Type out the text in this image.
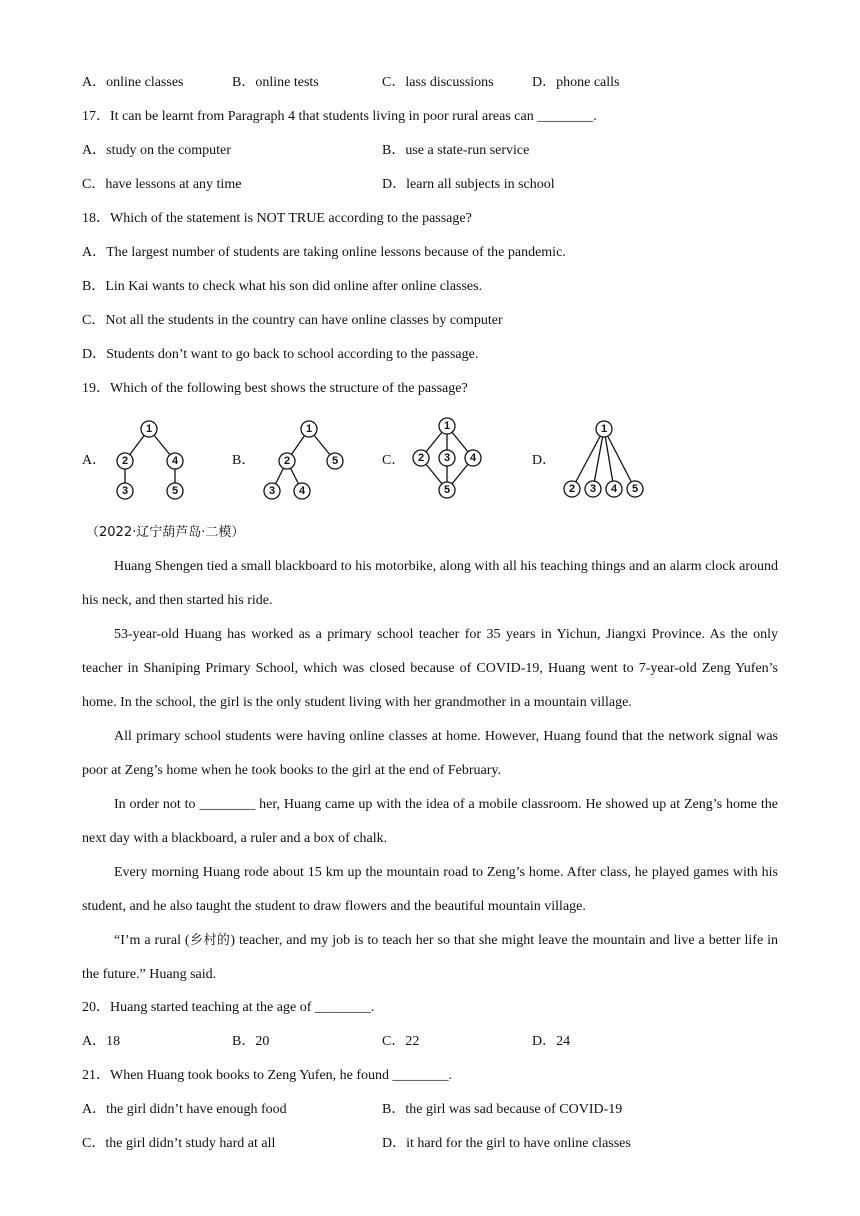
A．online classes	B．online tests	C．lass discussions	D．phone calls
17．It can be learnt from Paragraph 4 that students living in poor rural areas can ________.
A．study on the computer	B．use a state-run service
C．have lessons at any time	D．learn all subjects in school
18．Which of the statement is NOT TRUE according to the passage?
A．The largest number of students are taking online lessons because of the pandemic.
B．Lin Kai wants to check what his son did online after online classes.
C．Not all the students in the country can have online classes by computer
D．Students don’t want to go back to school according to the passage.
19．Which of the following best shows the structure of the passage?
A．	B．	C．	D．
1
2	4
3	5
1
2	5
3 4
1
2 3 4
5
1
2 3 4 5
（2022·辽宁葫芦岛·二模）

Huang Shengen tied a small blackboard to his motorbike, along with all his teaching things and an alarm clock around his neck, and then started his ride.

53-year-old Huang has worked as a primary school teacher for 35 years in Yichun, Jiangxi Province. As the only teacher in Shaniping Primary School, which was closed because of COVID-19, Huang went to 7-year-old Zeng Yufen’s home. In the school, the girl is the only student living with her grandmother in a mountain village.

All primary school students were having online classes at home. However, Huang found that the network signal was poor at Zeng’s home when he took books to the girl at the end of February.

In order not to ________ her, Huang came up with the idea of a mobile classroom. He showed up at Zeng’s home the next day with a blackboard, a ruler and a box of chalk.

Every morning Huang rode about 15 km up the mountain road to Zeng’s home. After class, he played games with his student, and he also taught the student to draw flowers and the beautiful mountain village.

“I’m a rural (乡村的) teacher, and my job is to teach her so that she might leave the mountain and live a better life in the future.” Huang said.

20．Huang started teaching at the age of ________.
A．18	B．20	C．22	D．24
21．When Huang took books to Zeng Yufen, he found ________.
A．the girl didn’t have enough food	B．the girl was sad because of COVID-19
C．the girl didn’t study hard at all	D．it hard for the girl to have online classes
